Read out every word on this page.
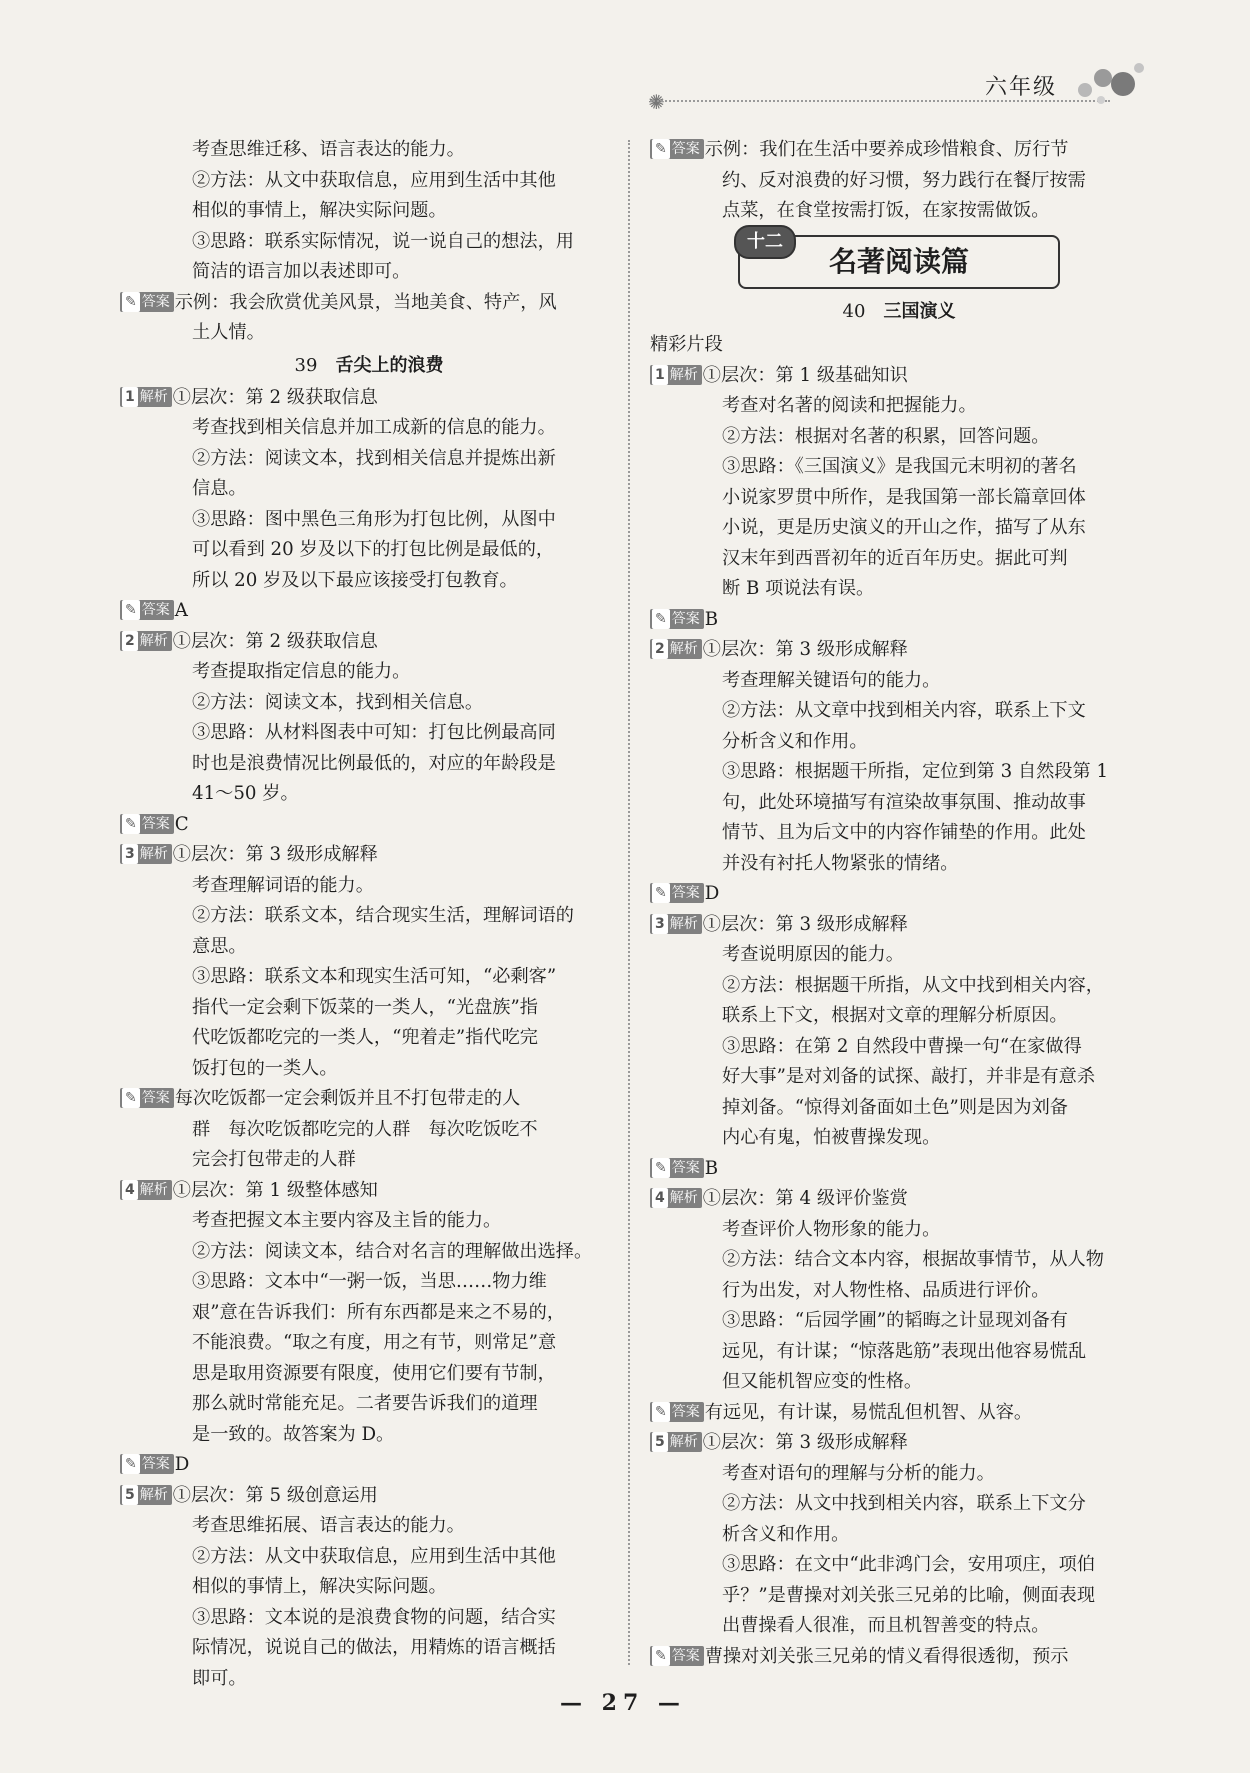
✺
六年级
考查思维迁移、语言表达的能力。
②方法：从文中获取信息，应用到生活中其他
相似的事情上，解决实际问题。
③思路：联系实际情况，说一说自己的想法，用
简洁的语言加以表述即可。
✎ 答案 示例：我会欣赏优美风景，当地美食、特产，风
土人情。
39 舌尖上的浪费
1 解析 ①层次：第 2 级获取信息
考查找到相关信息并加工成新的信息的能力。
②方法：阅读文本，找到相关信息并提炼出新
信息。
③思路：图中黑色三角形为打包比例，从图中
可以看到 20 岁及以下的打包比例是最低的，
所以 20 岁及以下最应该接受打包教育。
✎ 答案 A
2 解析 ①层次：第 2 级获取信息
考查提取指定信息的能力。
②方法：阅读文本，找到相关信息。
③思路：从材料图表中可知：打包比例最高同
时也是浪费情况比例最低的，对应的年龄段是
41～50 岁。
✎ 答案 C
3 解析 ①层次：第 3 级形成解释
考查理解词语的能力。
②方法：联系文本，结合现实生活，理解词语的
意思。
③思路：联系文本和现实生活可知，“必剩客”
指代一定会剩下饭菜的一类人，“光盘族”指
代吃饭都吃完的一类人，“兜着走”指代吃完
饭打包的一类人。
✎ 答案 每次吃饭都一定会剩饭并且不打包带走的人
群　每次吃饭都吃完的人群　每次吃饭吃不
完会打包带走的人群
4 解析 ①层次：第 1 级整体感知
考查把握文本主要内容及主旨的能力。
②方法：阅读文本，结合对名言的理解做出选择。
③思路：文本中“一粥一饭，当思……物力维
艰”意在告诉我们：所有东西都是来之不易的，
不能浪费。“取之有度，用之有节，则常足”意
思是取用资源要有限度，使用它们要有节制，
那么就时常能充足。二者要告诉我们的道理
是一致的。故答案为 D。
✎ 答案 D
5 解析 ①层次：第 5 级创意运用
考查思维拓展、语言表达的能力。
②方法：从文中获取信息，应用到生活中其他
相似的事情上，解决实际问题。
③思路：文本说的是浪费食物的问题，结合实
际情况，说说自己的做法，用精炼的语言概括
即可。
✎ 答案 示例：我们在生活中要养成珍惜粮食、厉行节
约、反对浪费的好习惯，努力践行在餐厅按需
点菜，在食堂按需打饭，在家按需做饭。
十二
名著阅读篇
40 三国演义
精彩片段
1 解析 ①层次：第 1 级基础知识
考查对名著的阅读和把握能力。
②方法：根据对名著的积累，回答问题。
③思路：《三国演义》是我国元末明初的著名
小说家罗贯中所作，是我国第一部长篇章回体
小说，更是历史演义的开山之作，描写了从东
汉末年到西晋初年的近百年历史。据此可判
断 B 项说法有误。
✎ 答案 B
2 解析 ①层次：第 3 级形成解释
考查理解关键语句的能力。
②方法：从文章中找到相关内容，联系上下文
分析含义和作用。
③思路：根据题干所指，定位到第 3 自然段第 1
句，此处环境描写有渲染故事氛围、推动故事
情节、且为后文中的内容作铺垫的作用。此处
并没有衬托人物紧张的情绪。
✎ 答案 D
3 解析 ①层次：第 3 级形成解释
考查说明原因的能力。
②方法：根据题干所指，从文中找到相关内容，
联系上下文，根据对文章的理解分析原因。
③思路：在第 2 自然段中曹操一句“在家做得
好大事”是对刘备的试探、敲打，并非是有意杀
掉刘备。“惊得刘备面如土色”则是因为刘备
内心有鬼，怕被曹操发现。
✎ 答案 B
4 解析 ①层次：第 4 级评价鉴赏
考查评价人物形象的能力。
②方法：结合文本内容，根据故事情节，从人物
行为出发，对人物性格、品质进行评价。
③思路：“后园学圃”的韬晦之计显现刘备有
远见，有计谋；“惊落匙筋”表现出他容易慌乱
但又能机智应变的性格。
✎ 答案 有远见，有计谋，易慌乱但机智、从容。
5 解析 ①层次：第 3 级形成解释
考查对语句的理解与分析的能力。
②方法：从文中找到相关内容，联系上下文分
析含义和作用。
③思路：在文中“此非鸿门会，安用项庄，项伯
乎？”是曹操对刘关张三兄弟的比喻，侧面表现
出曹操看人很准，而且机智善变的特点。
✎ 答案 曹操对刘关张三兄弟的情义看得很透彻，预示
— 27 —
